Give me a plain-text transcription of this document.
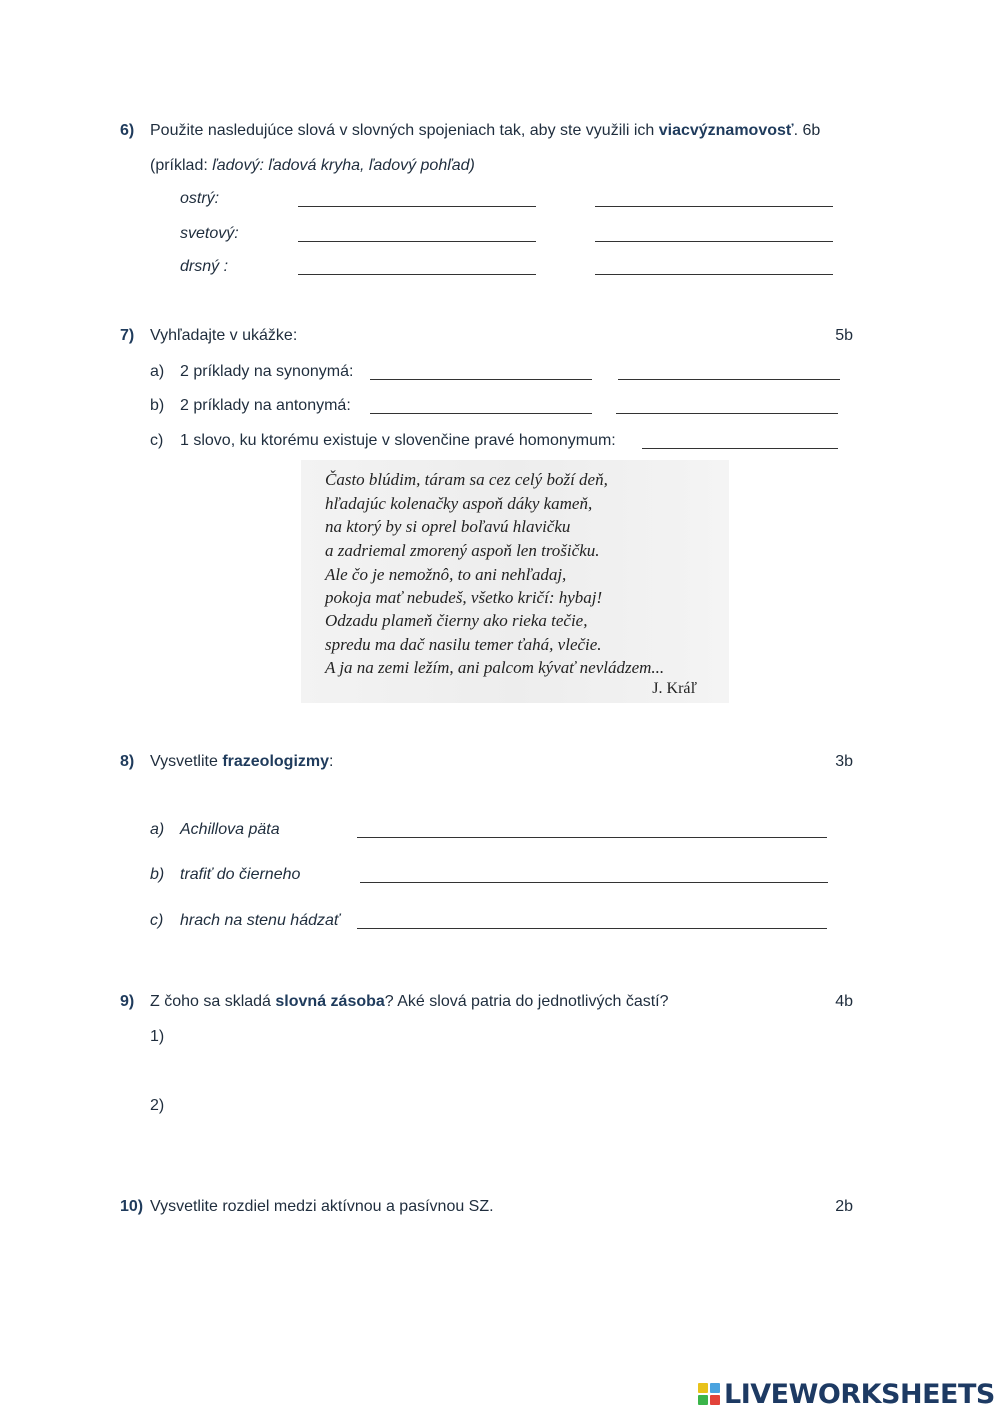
6) Použite nasledujúce slová v slovných spojeniach tak, aby ste využili ich viacvýznamovosť. 6b
(príklad: ľadový: ľadová kryha, ľadový pohľad)
ostrý:
svetový:
drsný :
7) Vyhľadajte v ukážke:	5b
a) 2 príklady na synonymá:
b) 2 príklady na antonymá:
c) 1 slovo, ku ktorému existuje v slovenčine pravé homonymum:
Často blúdim, táram sa cez celý boží deň,
hľadajúc kolenačky aspoň dáky kameň,
na ktorý by si oprel boľavú hlavičku
a zadriemal zmorený aspoň len trošičku.
Ale čo je nemožnô, to ani nehľadaj,
pokoja mať nebudeš, všetko kričí: hybaj!
Odzadu plameň čierny ako rieka tečie,
spredu ma dač nasilu temer ťahá, vlečie.
A ja na zemi ležím, ani palcom kývať nevládzem...
J. Kráľ
8) Vysvetlite frazeologizmy:	3b
a) Achillova päta
b) trafiť do čierneho
c) hrach na stenu hádzať
9) Z čoho sa skladá slovná zásoba? Aké slová patria do jednotlivých častí?	4b
1)
2)
10) Vysvetlite rozdiel medzi aktívnou a pasívnou SZ.	2b
LIVEWORKSHEETS
